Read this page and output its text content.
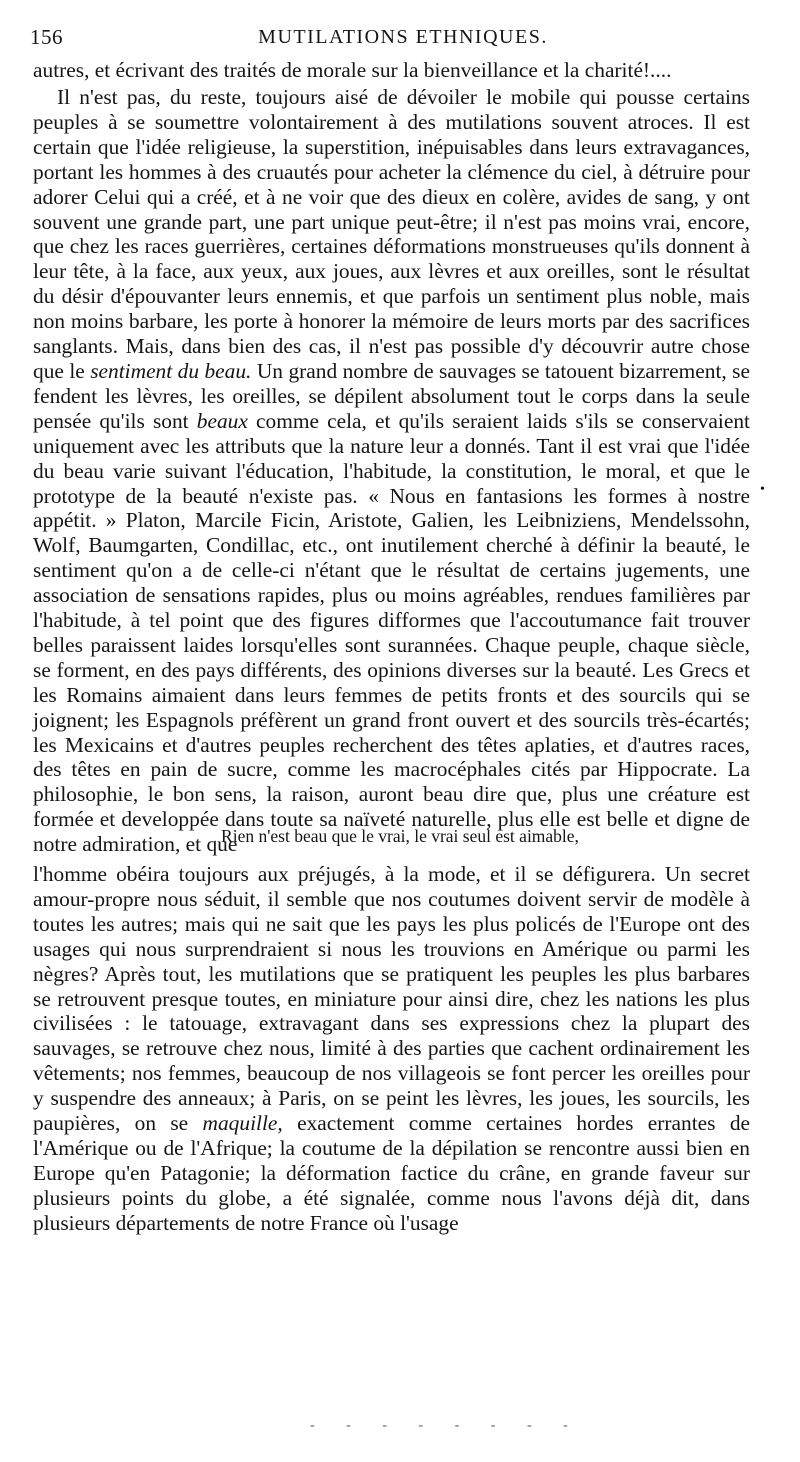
156	MUTILATIONS ETHNIQUES.

autres, et écrivant des traités de morale sur la bienveillance et la charité!....

Il n'est pas, du reste, toujours aisé de dévoiler le mobile qui pousse certains peuples à se soumettre volontairement à des mutilations souvent atroces. Il est certain que l'idée religieuse, la superstition, inépuisables dans leurs extravagances, portant les hommes à des cruautés pour acheter la clémence du ciel, à détruire pour adorer Celui qui a créé, et à ne voir que des dieux en colère, avides de sang, y ont souvent une grande part, une part unique peut-être; il n'est pas moins vrai, encore, que chez les races guerrières, certaines déformations monstrueuses qu'ils donnent à leur tête, à la face, aux yeux, aux joues, aux lèvres et aux oreilles, sont le résultat du désir d'épouvanter leurs ennemis, et que parfois un sentiment plus noble, mais non moins barbare, les porte à honorer la mémoire de leurs morts par des sacrifices sanglants. Mais, dans bien des cas, il n'est pas possible d'y découvrir autre chose que le sentiment du beau. Un grand nombre de sauvages se tatouent bizarrement, se fendent les lèvres, les oreilles, se dépilent absolument tout le corps dans la seule pensée qu'ils sont beaux comme cela, et qu'ils seraient laids s'ils se conservaient uniquement avec les attributs que la nature leur a donnés. Tant il est vrai que l'idée du beau varie suivant l'éducation, l'habitude, la constitution, le moral, et que le prototype de la beauté n'existe pas. « Nous en fantasions les formes à nostre appétit. » Platon, Marcile Ficin, Aristote, Galien, les Leibniziens, Mendelssohn, Wolf, Baumgarten, Condillac, etc., ont inutilement cherché à définir la beauté, le sentiment qu'on a de celle-ci n'étant que le résultat de certains jugements, une association de sensations rapides, plus ou moins agréables, rendues familières par l'habitude, à tel point que des figures difformes que l'accoutumance fait trouver belles paraissent laides lorsqu'elles sont surannées. Chaque peuple, chaque siècle, se forment, en des pays différents, des opinions diverses sur la beauté. Les Grecs et les Romains aimaient dans leurs femmes de petits fronts et des sourcils qui se joignent; les Espagnols préfèrent un grand front ouvert et des sourcils très-écartés; les Mexicains et d'autres peuples recherchent des têtes aplaties, et d'autres races, des têtes en pain de sucre, comme les macrocéphales cités par Hippocrate. La philosophie, le bon sens, la raison, auront beau dire que, plus une créature est formée et developpée dans toute sa naïveté naturelle, plus elle est belle et digne de notre admiration, et que

Rien n'est beau que le vrai, le vrai seul est aimable,

l'homme obéira toujours aux préjugés, à la mode, et il se défigurera. Un secret amour-propre nous séduit, il semble que nos coutumes doivent servir de modèle à toutes les autres; mais qui ne sait que les pays les plus policés de l'Europe ont des usages qui nous surprendraient si nous les trouvions en Amérique ou parmi les nègres? Après tout, les mutilations que se pratiquent les peuples les plus barbares se retrouvent presque toutes, en miniature pour ainsi dire, chez les nations les plus civilisées : le tatouage, extravagant dans ses expressions chez la plupart des sauvages, se retrouve chez nous, limité à des parties que cachent ordinairement les vêtements; nos femmes, beaucoup de nos villageois se font percer les oreilles pour y suspendre des anneaux; à Paris, on se peint les lèvres, les joues, les sourcils, les paupières, on se maquille, exactement comme certaines hordes errantes de l'Amérique ou de l'Afrique; la coutume de la dépilation se rencontre aussi bien en Europe qu'en Patagonie; la déformation factice du crâne, en grande faveur sur plusieurs points du globe, a été signalée, comme nous l'avons déjà dit, dans plusieurs départements de notre France où l'usage

•
- - - - - - - -
